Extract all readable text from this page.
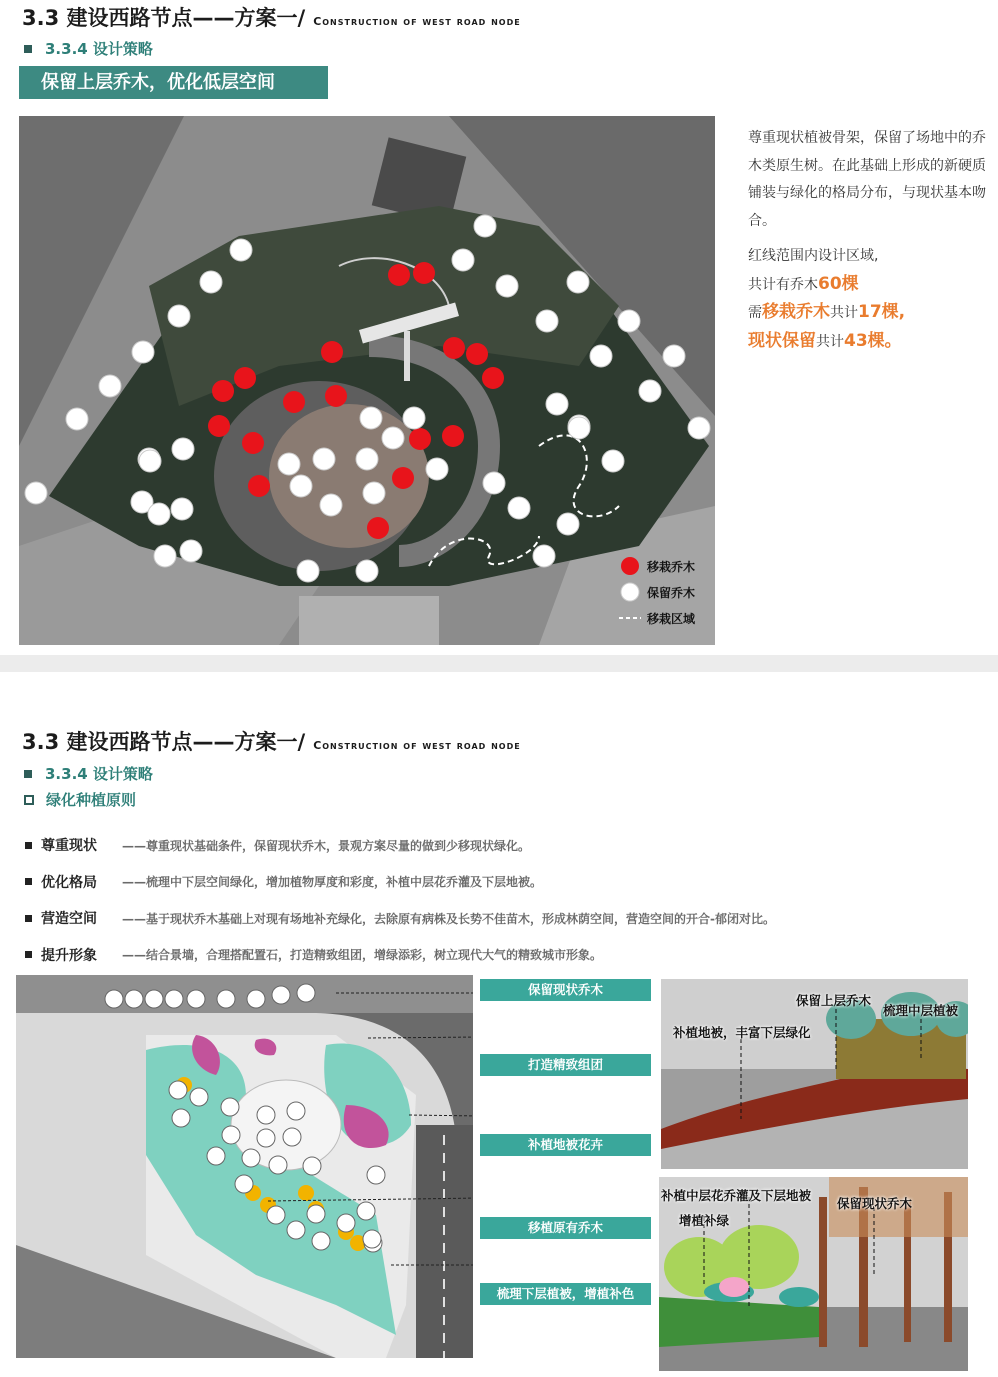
3.3 建设西路节点——方案一/ Construction of west road node
3.3.4 设计策略
保留上层乔木，优化低层空间
移栽乔木
保留乔木
移栽区域

尊重现状植被骨架，保留了场地中的乔木类原生树。在此基础上形成的新硬质铺装与绿化的格局分布，与现状基本吻合。

红线范围内设计区域,
共计有乔木60棵
需移栽乔木共计17棵,
现状保留共计43棵。
3.3 建设西路节点——方案一/ Construction of west road node
3.3.4 设计策略
绿化种植原则
尊重现状 ——尊重现状基础条件，保留现状乔木，景观方案尽量的做到少移现状绿化。
优化格局 ——梳理中下层空间绿化，增加植物厚度和彩度，补植中层花乔灌及下层地被。
营造空间 ——基于现状乔木基础上对现有场地补充绿化，去除原有病株及长势不佳苗木，形成林荫空间，营造空间的开合-郁闭对比。
提升形象 ——结合景墙，合理搭配置石，打造精致组团，增绿添彩，树立现代大气的精致城市形象。
保留现状乔木
打造精致组团
补植地被花卉
移植原有乔木
梳理下层植被，增植补色
保留上层乔木
梳理中层植被
补植地被，丰富下层绿化
补植中层花乔灌及下层地被
增植补绿
保留现状乔木
